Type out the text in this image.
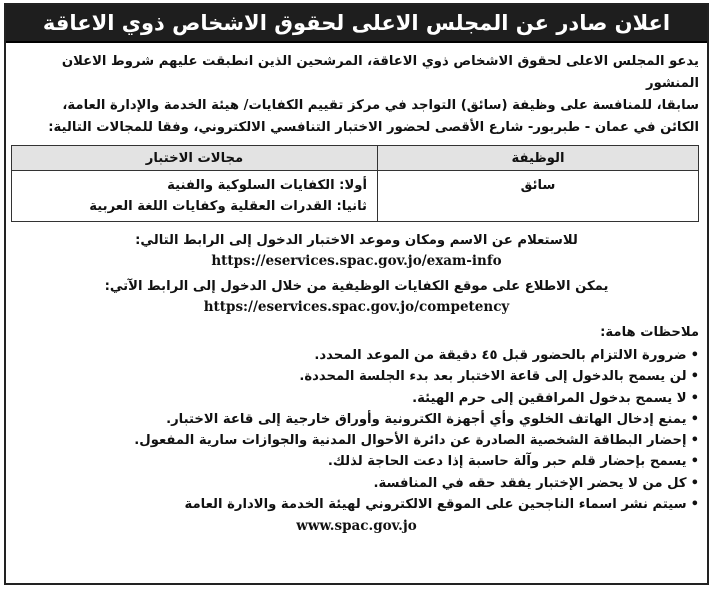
اعلان صادر عن المجلس الاعلى لحقوق الاشخاص ذوي الاعاقة
يدعو المجلس الاعلى لحقوق الاشخاص ذوي الاعاقة، المرشحين الذين انطبقت عليهم شروط الاعلان المنشور
سابقا، للمنافسة على وظيفة (سائق) التواجد في مركز تقييم الكفايات/ هيئة الخدمة والإدارة العامة،
الكائن في عمان - طبربور- شارع الأقصى لحضور الاختبار التنافسي الالكتروني، وفقا للمجالات التالية:
الوظيفة	مجالات الاختبار
سائق	أولا: الكفايات السلوكية والفنية
ثانيا: القدرات العقلية وكفايات اللغة العربية
للاستعلام عن الاسم ومكان وموعد الاختبار الدخول إلى الرابط التالي:
https://eservices.spac.gov.jo/exam-info
يمكن الاطلاع على موقع الكفايات الوظيفية من خلال الدخول إلى الرابط الآتي:
https://eservices.spac.gov.jo/competency
ملاحظات هامة:
•ضرورة الالتزام بالحضور قبل ٤٥ دقيقة من الموعد المحدد.
•لن يسمح بالدخول إلى قاعة الاختبار بعد بدء الجلسة المحددة.
•لا يسمح بدخول المرافقين إلى حرم الهيئة.
•يمنع إدخال الهاتف الخلوي وأي أجهزة الكترونية وأوراق خارجية إلى قاعة الاختبار.
•إحضار البطاقة الشخصية الصادرة عن دائرة الأحوال المدنية والجوازات سارية المفعول.
•يسمح بإحضار قلم حبر وآلة حاسبة إذا دعت الحاجة لذلك.
•كل من لا يحضر الإختبار يفقد حقه في المنافسة.
•سيتم نشر اسماء الناجحين على الموقع الالكتروني لهيئة الخدمة والادارة العامة
www.spac.gov.jo
